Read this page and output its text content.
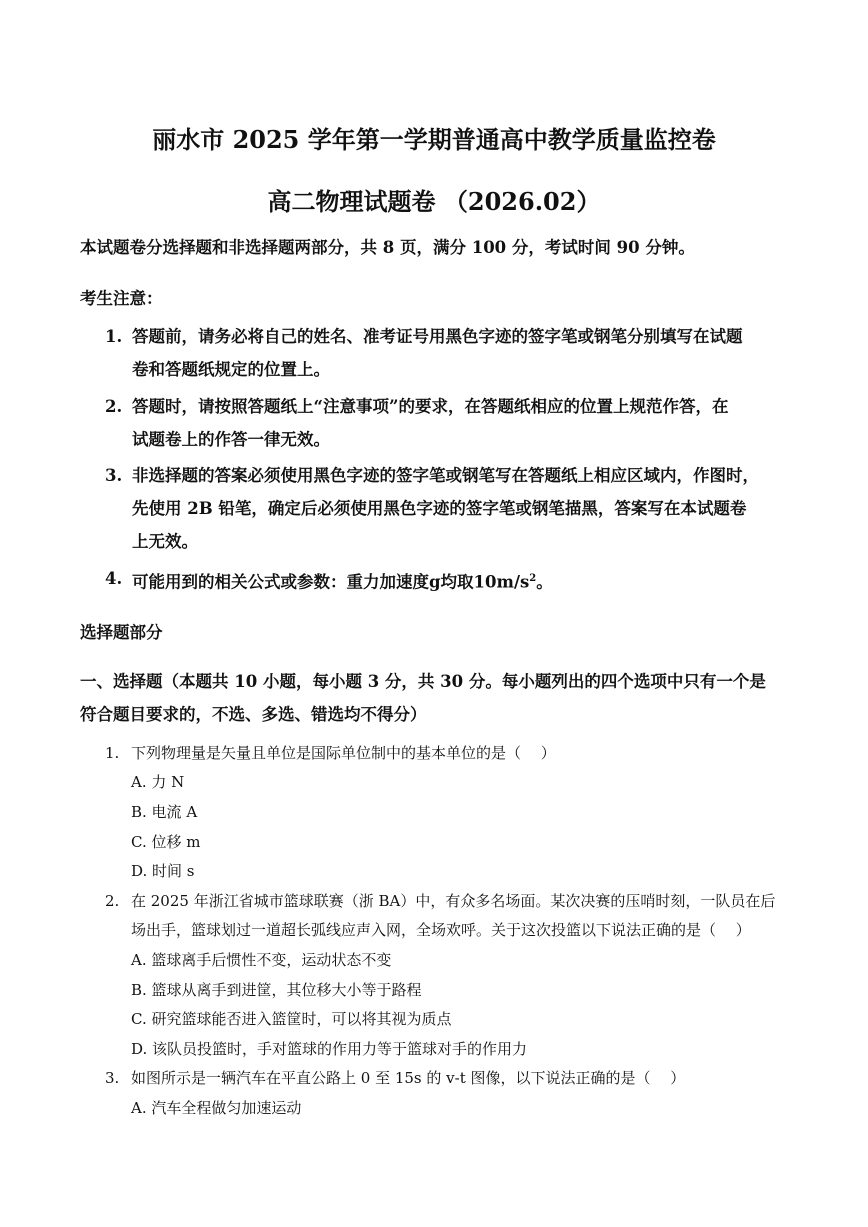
丽水市 2025 学年第一学期普通高中教学质量监控卷
高二物理试题卷 （2026.02）
本试题卷分选择题和非选择题两部分，共 8 页，满分 100 分，考试时间 90 分钟。
考生注意：
1. 答题前，请务必将自己的姓名、准考证号用黑色字迹的签字笔或钢笔分别填写在试题
卷和答题纸规定的位置上。
2. 答题时，请按照答题纸上“注意事项”的要求，在答题纸相应的位置上规范作答，在
试题卷上的作答一律无效。
3. 非选择题的答案必须使用黑色字迹的签字笔或钢笔写在答题纸上相应区域内，作图时，
先使用 2B 铅笔，确定后必须使用黑色字迹的签字笔或钢笔描黑，答案写在本试题卷
上无效。
4. 可能用到的相关公式或参数：重力加速度g均取$10m/s^2$。
选择题部分
一、选择题（本题共 10 小题，每小题 3 分，共 30 分。每小题列出的四个选项中只有一个是
符合题目要求的，不选、多选、错选均不得分）
1. 下列物理量是矢量且单位是国际单位制中的基本单位的是（　 ）
A. 力 N
B. 电流 A
C. 位移 m
D. 时间 s
2. 在 2025 年浙江省城市篮球联赛（浙 BA）中，有众多名场面。某次决赛的压哨时刻，一队员在后
场出手，篮球划过一道超长弧线应声入网，全场欢呼。关于这次投篮以下说法正确的是（　 ）
A. 篮球离手后惯性不变，运动状态不变
B. 篮球从离手到进筐，其位移大小等于路程
C. 研究篮球能否进入篮筐时，可以将其视为质点
D. 该队员投篮时，手对篮球的作用力等于篮球对手的作用力
3. 如图所示是一辆汽车在平直公路上 0 至 15s 的 v-t 图像，以下说法正确的是（　 ）
A. 汽车全程做匀加速运动
